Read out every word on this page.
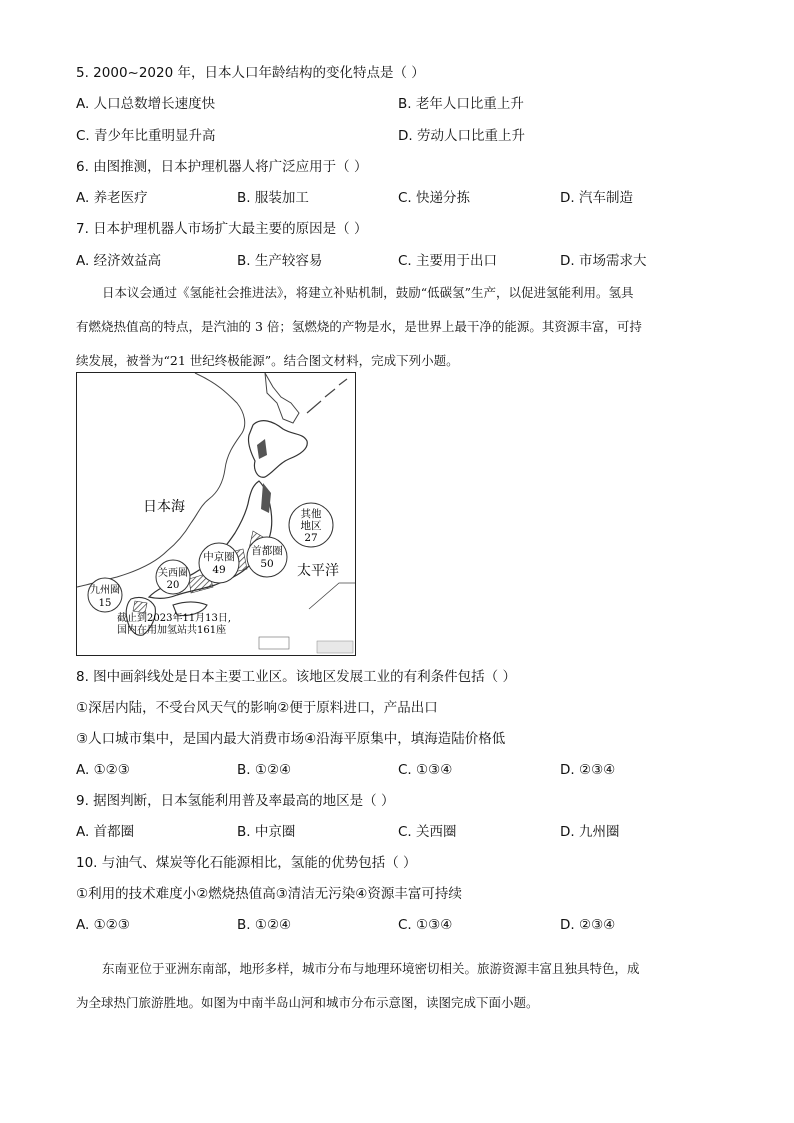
5. 2000~2020 年，日本人口年龄结构的变化特点是（ ）
A. 人口总数增长速度快	B. 老年人口比重上升
C. 青少年比重明显升高	D. 劳动人口比重上升
6. 由图推测，日本护理机器人将广泛应用于（ ）
A. 养老医疗	B. 服装加工	C. 快递分拣	D. 汽车制造
7. 日本护理机器人市场扩大最主要的原因是（ ）
A. 经济效益高	B. 生产较容易	C. 主要用于出口	D. 市场需求大

日本议会通过《氢能社会推进法》，将建立补贴机制，鼓励“低碳氢”生产，以促进氢能利用。氢具

有燃烧热值高的特点，是汽油的 3 倍；氢燃烧的产物是水，是世界上最干净的能源。其资源丰富，可持

续发展，被誉为“21 世纪终极能源”。结合图文材料，完成下列小题。

日本海
太平洋
其他
地区
27
首都圈
50
中京圈
49
关西圈
20
九州圈
15
截止到2023年11月13日,
国内在用加氢站共161座
8. 图中画斜线处是日本主要工业区。该地区发展工业的有利条件包括（ ）
①深居内陆，不受台风天气的影响②便于原料进口，产品出口
③人口城市集中，是国内最大消费市场④沿海平原集中，填海造陆价格低
A. ①②③	B. ①②④	C. ①③④	D. ②③④
9. 据图判断，日本氢能利用普及率最高的地区是（ ）
A. 首都圈	B. 中京圈	C. 关西圈	D. 九州圈
10. 与油气、煤炭等化石能源相比，氢能的优势包括（ ）
①利用的技术难度小②燃烧热值高③清洁无污染④资源丰富可持续
A. ①②③	B. ①②④	C. ①③④	D. ②③④

东南亚位于亚洲东南部，地形多样，城市分布与地理环境密切相关。旅游资源丰富且独具特色，成

为全球热门旅游胜地。如图为中南半岛山河和城市分布示意图，读图完成下面小题。
